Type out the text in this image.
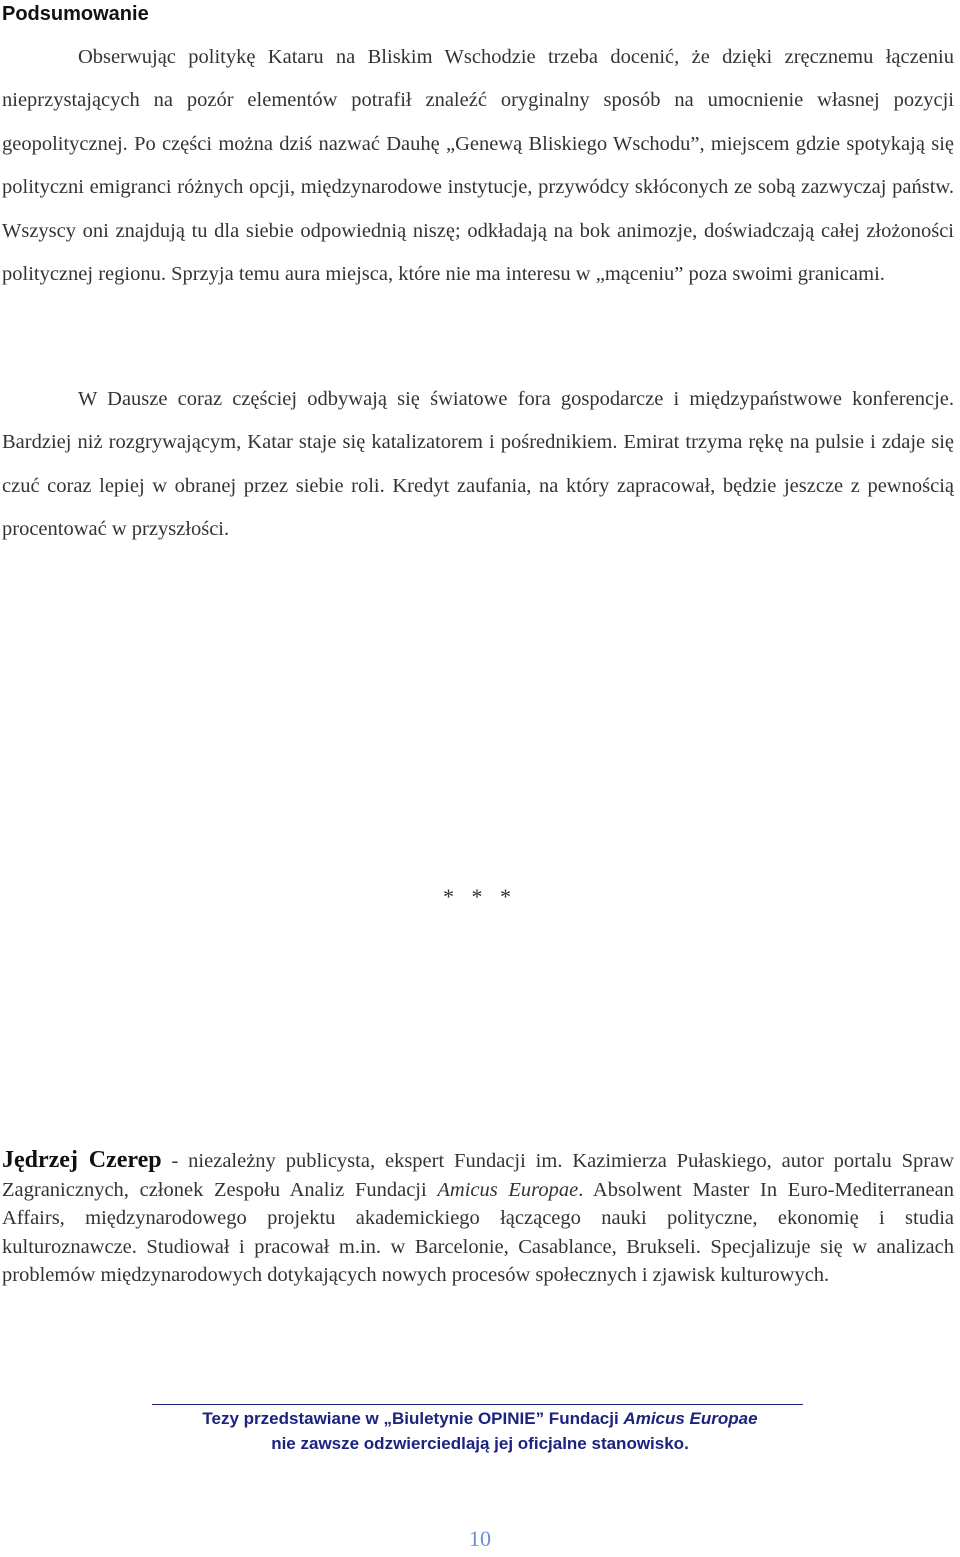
Podsumowanie

Obserwując politykę Kataru na Bliskim Wschodzie trzeba docenić, że dzięki zręcznemu łączeniu nieprzystających na pozór elementów potrafił znaleźć oryginalny sposób na umocnienie własnej pozycji geopolitycznej. Po części można dziś nazwać Dauhę „Genewą Bliskiego Wschodu”, miejscem gdzie spotykają się polityczni emigranci różnych opcji, międzynarodowe instytucje, przywódcy skłóconych ze sobą zazwyczaj państw. Wszyscy oni znajdują tu dla siebie odpowiednią niszę; odkładają na bok animozje, doświadczają całej złożoności politycznej regionu. Sprzyja temu aura miejsca, które nie ma interesu w „mąceniu” poza swoimi granicami.

W Dausze coraz częściej odbywają się światowe fora gospodarcze i międzypaństwowe konferencje. Bardziej niż rozgrywającym, Katar staje się katalizatorem i pośrednikiem. Emirat trzyma rękę na pulsie i zdaje się czuć coraz lepiej w obranej przez siebie roli. Kredyt zaufania, na który zapracował, będzie jeszcze z pewnością procentować w przyszłości.

* * *

Jędrzej Czerep - niezależny publicysta, ekspert Fundacji im. Kazimierza Pułaskiego, autor portalu Spraw Zagranicznych, członek Zespołu Analiz Fundacji Amicus Europae. Absolwent Master In Euro-Mediterranean Affairs, międzynarodowego projektu akademickiego łączącego nauki polityczne, ekonomię i studia kulturoznawcze. Studiował i pracował m.in. w Barcelonie, Casablance, Brukseli. Specjalizuje się w analizach problemów międzynarodowych dotykających nowych procesów społecznych i zjawisk kulturowych.

Tezy przedstawiane w „Biuletynie OPINIE” Fundacji Amicus Europae
nie zawsze odzwierciedlają jej oficjalne stanowisko.
10
